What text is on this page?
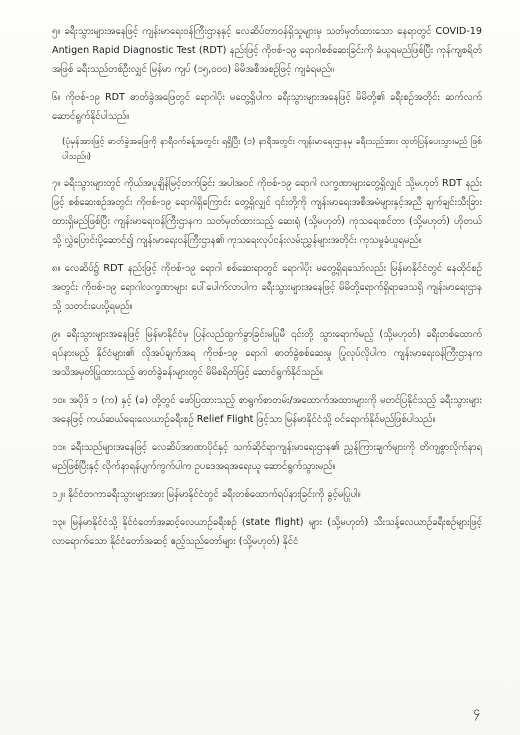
၅။ ခရီးသွားများအနေဖြင့် ကျန်းမာရေးဝန်ကြီးဌာနနှင့် လေဆိပ်တာဝန်ရှိသူများမှ သတ်မှတ်ထားသော နေရာတွင် COVID-19 Antigen Rapid Diagnostic Test (RDT) နည်းဖြင့် ကိုဗစ်-၁၉ ရောဂါစစ်ဆေးခြင်းကို ခံယူရမည်ဖြစ်ပြီး ကုန်ကျစရိတ်အဖြစ် ခရီးသည်တစ်ဦးလျှင် မြန်မာ ကျပ် (၁၅,၀၀၀) မိမိအစီအစဉ်ဖြင့် ကျခံရမည်။

၆။ ကိုဗစ်-၁၉ RDT ဓာတ်ခွဲအဖြေတွင် ရောဂါပိုး မတွေ့ရှိပါက ခရီးသွားများအနေဖြင့် မိမိတို့၏ ခရီးစဉ်အတိုင်း ဆက်လက်ဆောင်ရွက်နိုင်ပါသည်။

(ပုံမှန်အားဖြင့် ဓာတ်ခွဲအဖြေကို နာရီဝက်ခန့်အတွင်း ရရှိပြီး (၁) နာရီအတွင်း ကျန်းမာရေးဌာနမှ ခရီးသည်အား ထုတ်ပြန်ပေးသွားမည် ဖြစ်ပါသည်။)

၇။ ခရီးသွားများတွင် ကိုယ်အပူချိန်မြင့်တက်ခြင်း အပါအဝင် ကိုဗစ်-၁၉ ရောဂါ လက္ခဏာများတွေ့ရှိလျှင် သို့မဟုတ် RDT နည်းဖြင့် စစ်ဆေးစဉ်အတွင်း ကိုဗစ်-၁၉ ရောဂါရှိကြောင်း တွေ့ရှိလျှင် ၎င်းတို့ကို ကျန်းမာရေးအစီအမံများနှင့်အညီ ချက်ချင်းသီးခြားထားရှိမည်ဖြစ်ပြီး ကျန်းမာရေးဝန်ကြီးဌာနက သတ်မှတ်ထားသည့် ဆေးရုံ (သို့မဟုတ်) ကုသရေးစင်တာ (သို့မဟုတ်) ဟိုတယ်သို့ လွှဲပြောင်းပို့ဆောင်၍ ကျန်းမာရေးဝန်ကြီးဌာန၏ ကုသရေးလုပ်ငန်းလမ်းညွှန်များအတိုင်း ကုသမှုခံယူရမည်။

၈။ လေဆိပ်၌ RDT နည်းဖြင့် ကိုဗစ်-၁၉ ရောဂါ စစ်ဆေးရာတွင် ရောဂါပိုး မတွေ့ရှိရသော်လည်း မြန်မာနိုင်ငံတွင် နေထိုင်စဉ်အတွင်း ကိုဗစ်-၁၉ ရောဂါလက္ခဏာများ ပေါ်ပေါက်လာပါက ခရီးသွားများအနေဖြင့် မိမိတို့ရောက်ရှိရာဒေသရှိ ကျန်းမာရေးဌာနသို့ သတင်းပေးပို့ရမည်။

၉။ ခရီးသွားများအနေဖြင့် မြန်မာနိုင်ငံမှ ပြန်လည်ထွက်ခွာခြင်းမပြုမီ ၎င်းတို့ သွားရောက်မည့် (သို့မဟုတ်) ခရီးတစ်ထောက်ရပ်နားမည့် နိုင်ငံများ၏ လိုအပ်ချက်အရ ကိုဗစ်-၁၉ ရောဂါ ဓာတ်ခွဲစစ်ဆေးမှု ပြုလုပ်လိုပါက ကျန်းမာရေးဝန်ကြီးဌာနက အသိအမှတ်ပြုထားသည့် ဓာတ်ခွဲခန်းများတွင် မိမိစရိတ်ဖြင့် ဆောင်ရွက်နိုင်သည်။

၁၀။ အပိုဒ် ၁ (က) နှင့် (ခ) တို့တွင် ဖော်ပြထားသည့် စာရွက်စာတမ်း/အထောက်အထားများကို မတင်ပြနိုင်သည့် ခရီးသွားများအနေဖြင့် ကယ်ဆယ်ရေးလေယာဉ်ခရီးစဉ် Relief Flight ဖြင့်သာ မြန်မာနိုင်ငံသို့ ဝင်ရောက်နိုင်မည်ဖြစ်ပါသည်။

၁၁။ ခရီးသည်များအနေဖြင့် လေဆိပ်အာဏာပိုင်နှင့် သက်ဆိုင်ရာကျန်းမာရေးဌာန၏ ညွှန်ကြားချက်များကို တိကျစွာလိုက်နာရမည်ဖြစ်ပြီးနှင့် လိုက်နာရန်ပျက်ကွက်ပါက ဥပဒေအရအရေးယူ ဆောင်ရွက်သွားမည်။

၁၂။ နိုင်ငံတကာခရီးသွားများအား မြန်မာနိုင်ငံတွင် ခရီးတစ်ထောက်ရပ်နားခြင်းကို ခွင့်မပြုပါ။

၁၃။ မြန်မာနိုင်ငံသို့ နိုင်ငံတော်အဆင့်လေယာဉ်ခရီးစဉ် (state flight) များ (သို့မဟုတ်) သီးသန့်လေယာဉ်ခရီးစဉ်များဖြင့် လာရောက်သော နိုင်ငံတော်အဆင့် ဧည့်သည်တော်များ (သို့မဟုတ်) နိုင်ငံ

၄
